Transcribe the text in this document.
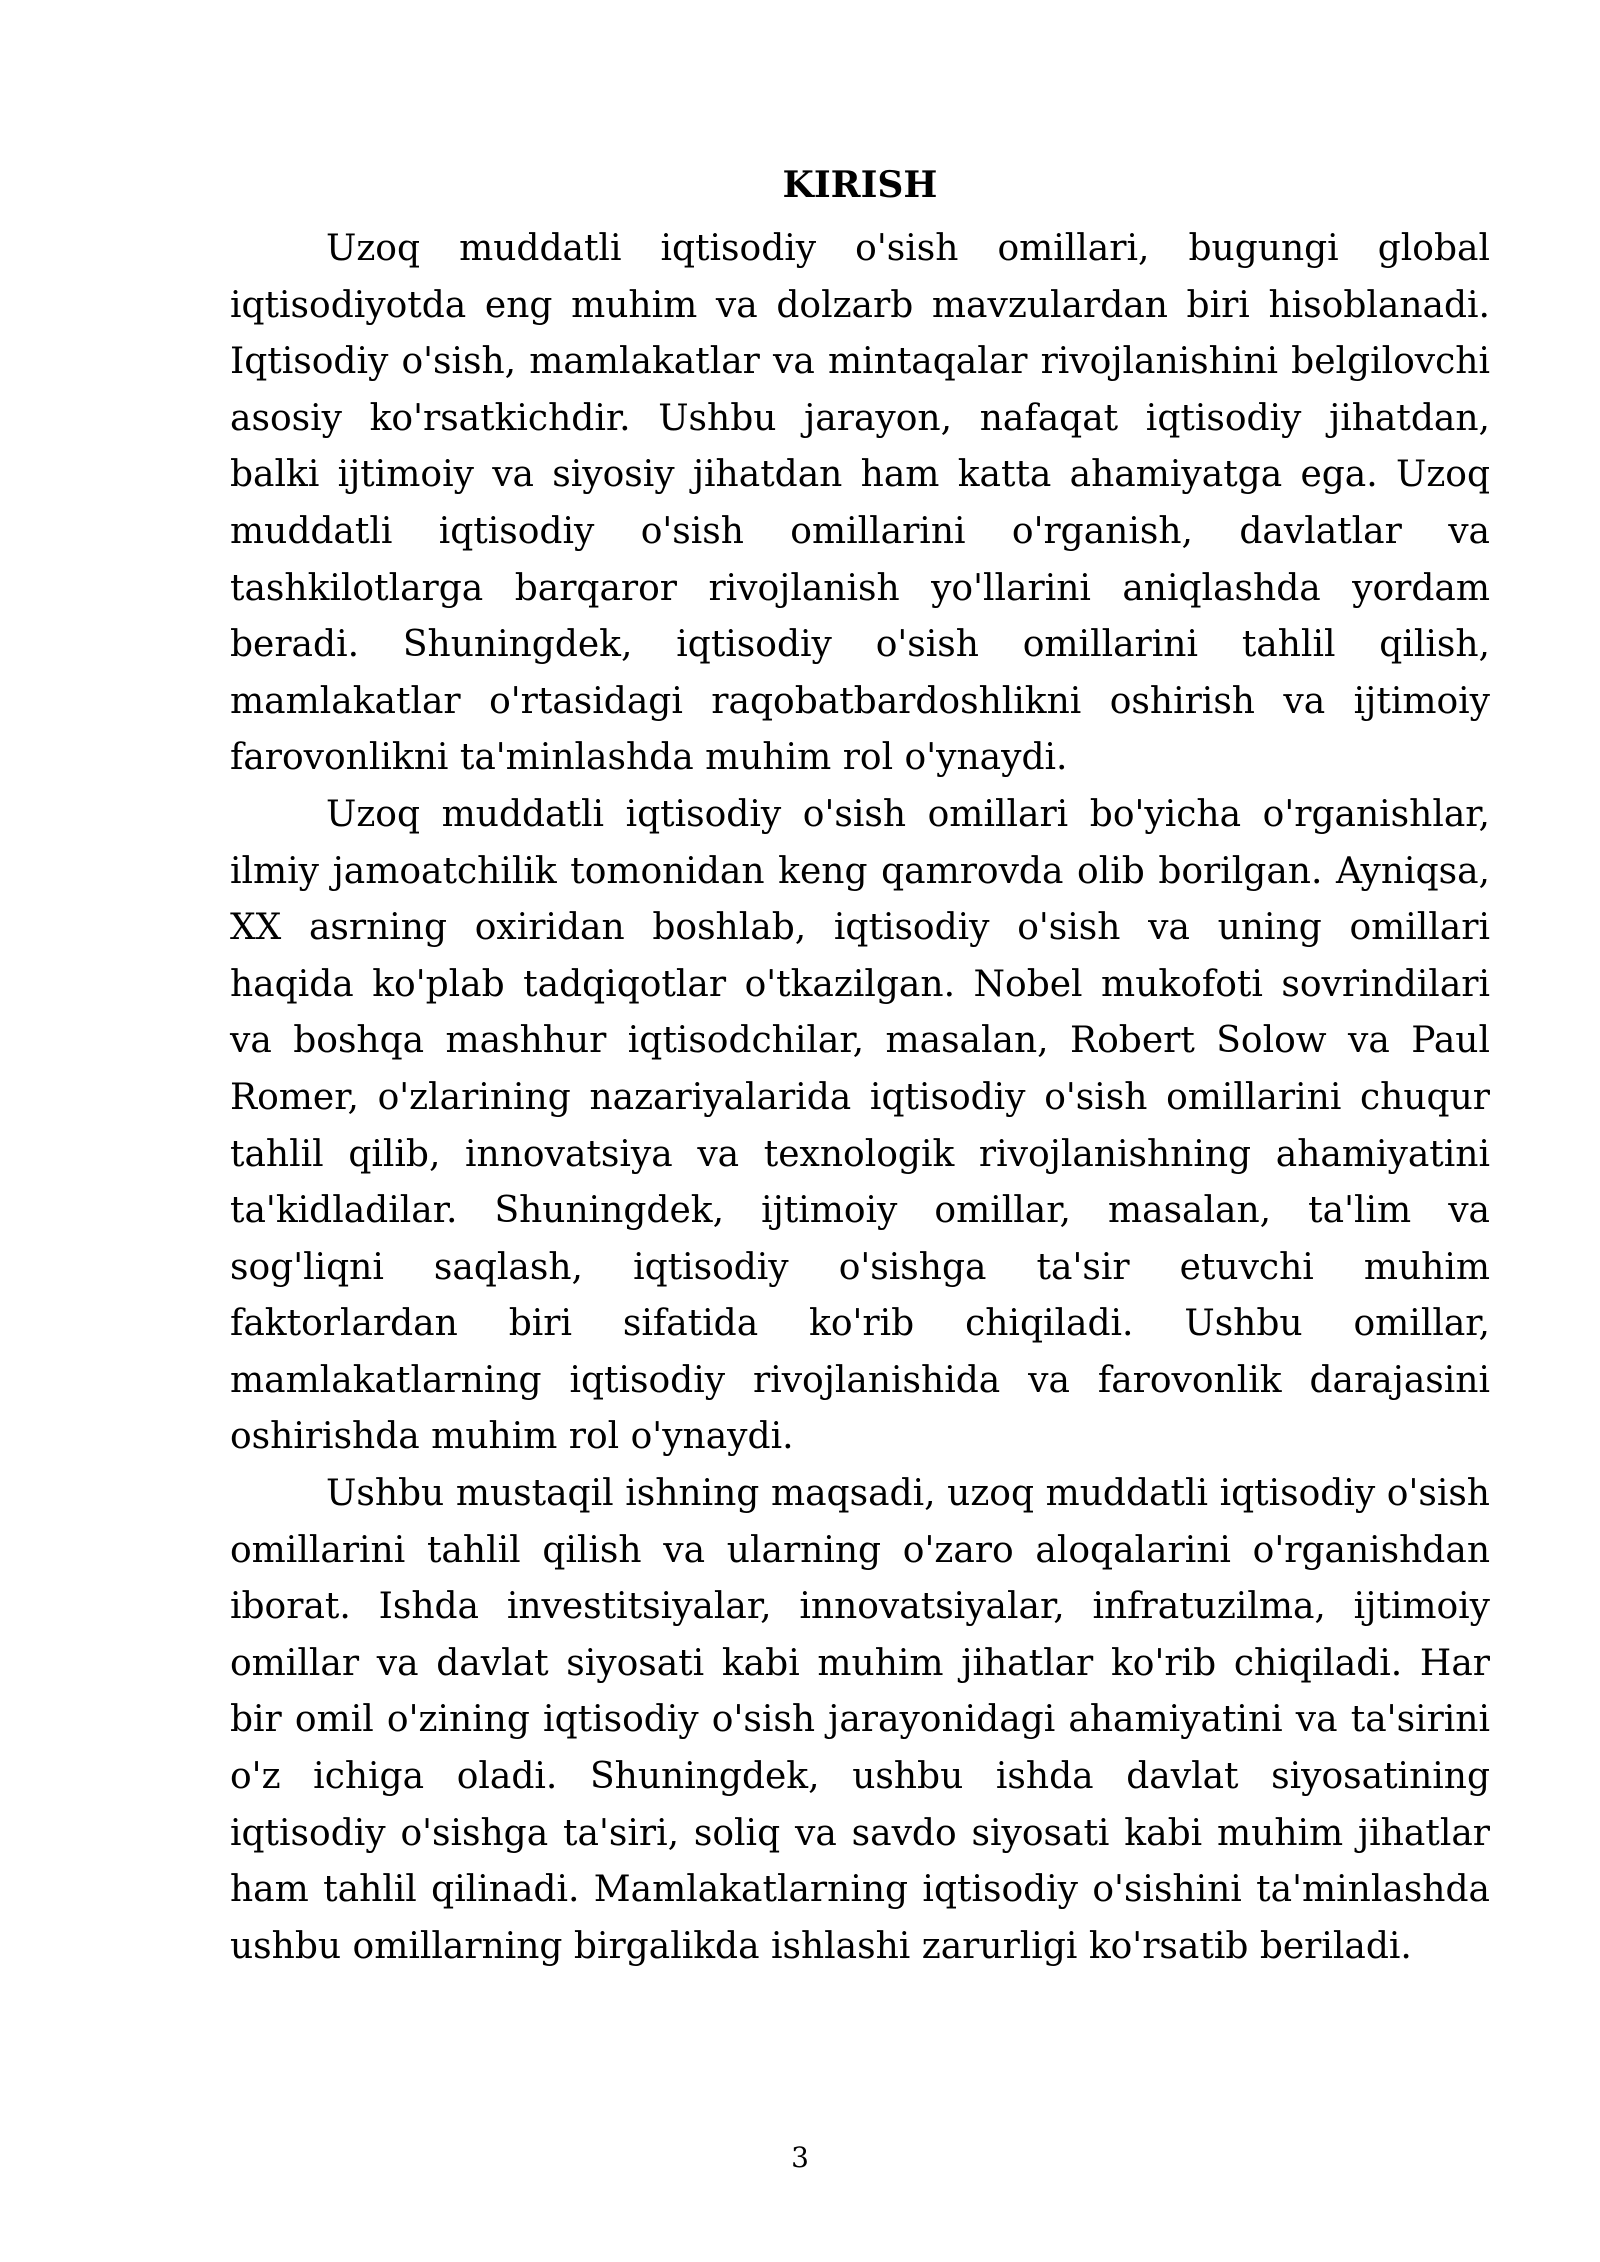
KIRISH

Uzoq muddatli iqtisodiy o'sish omillari, bugungi global iqtisodiyotda eng muhim va dolzarb mavzulardan biri hisoblanadi. Iqtisodiy o'sish, mamlakatlar va mintaqalar rivojlanishini belgilovchi asosiy ko'rsatkichdir. Ushbu jarayon, nafaqat iqtisodiy jihatdan, balki ijtimoiy va siyosiy jihatdan ham katta ahamiyatga ega. Uzoq muddatli iqtisodiy o'sish omillarini o'rganish, davlatlar va tashkilotlarga barqaror rivojlanish yo'llarini aniqlashda yordam beradi. Shuningdek, iqtisodiy o'sish omillarini tahlil qilish, mamlakatlar o'rtasidagi raqobatbardoshlikni oshirish va ijtimoiy farovonlikni ta'minlashda muhim rol o'ynaydi.

Uzoq muddatli iqtisodiy o'sish omillari bo'yicha o'rganishlar, ilmiy jamoatchilik tomonidan keng qamrovda olib borilgan. Ayniqsa, XX asrning oxiridan boshlab, iqtisodiy o'sish va uning omillari haqida ko'plab tadqiqotlar o'tkazilgan. Nobel mukofoti sovrindilari va boshqa mashhur iqtisodchilar, masalan, Robert Solow va Paul Romer, o'zlarining nazariyalarida iqtisodiy o'sish omillarini chuqur tahlil qilib, innovatsiya va texnologik rivojlanishning ahamiyatini ta'kidladilar. Shuningdek, ijtimoiy omillar, masalan, ta'lim va sog'liqni saqlash, iqtisodiy o'sishga ta'sir etuvchi muhim faktorlardan biri sifatida ko'rib chiqiladi. Ushbu omillar, mamlakatlarning iqtisodiy rivojlanishida va farovonlik darajasini oshirishda muhim rol o'ynaydi.

Ushbu mustaqil ishning maqsadi, uzoq muddatli iqtisodiy o'sish omillarini tahlil qilish va ularning o'zaro aloqalarini o'rganishdan iborat. Ishda investitsiyalar, innovatsiyalar, infratuzilma, ijtimoiy omillar va davlat siyosati kabi muhim jihatlar ko'rib chiqiladi. Har bir omil o'zining iqtisodiy o'sish jarayonidagi ahamiyatini va ta'sirini o'z ichiga oladi. Shuningdek, ushbu ishda davlat siyosatining iqtisodiy o'sishga ta'siri, soliq va savdo siyosati kabi muhim jihatlar ham tahlil qilinadi. Mamlakatlarning iqtisodiy o'sishini ta'minlashda ushbu omillarning birgalikda ishlashi zarurligi ko'rsatib beriladi.

3
